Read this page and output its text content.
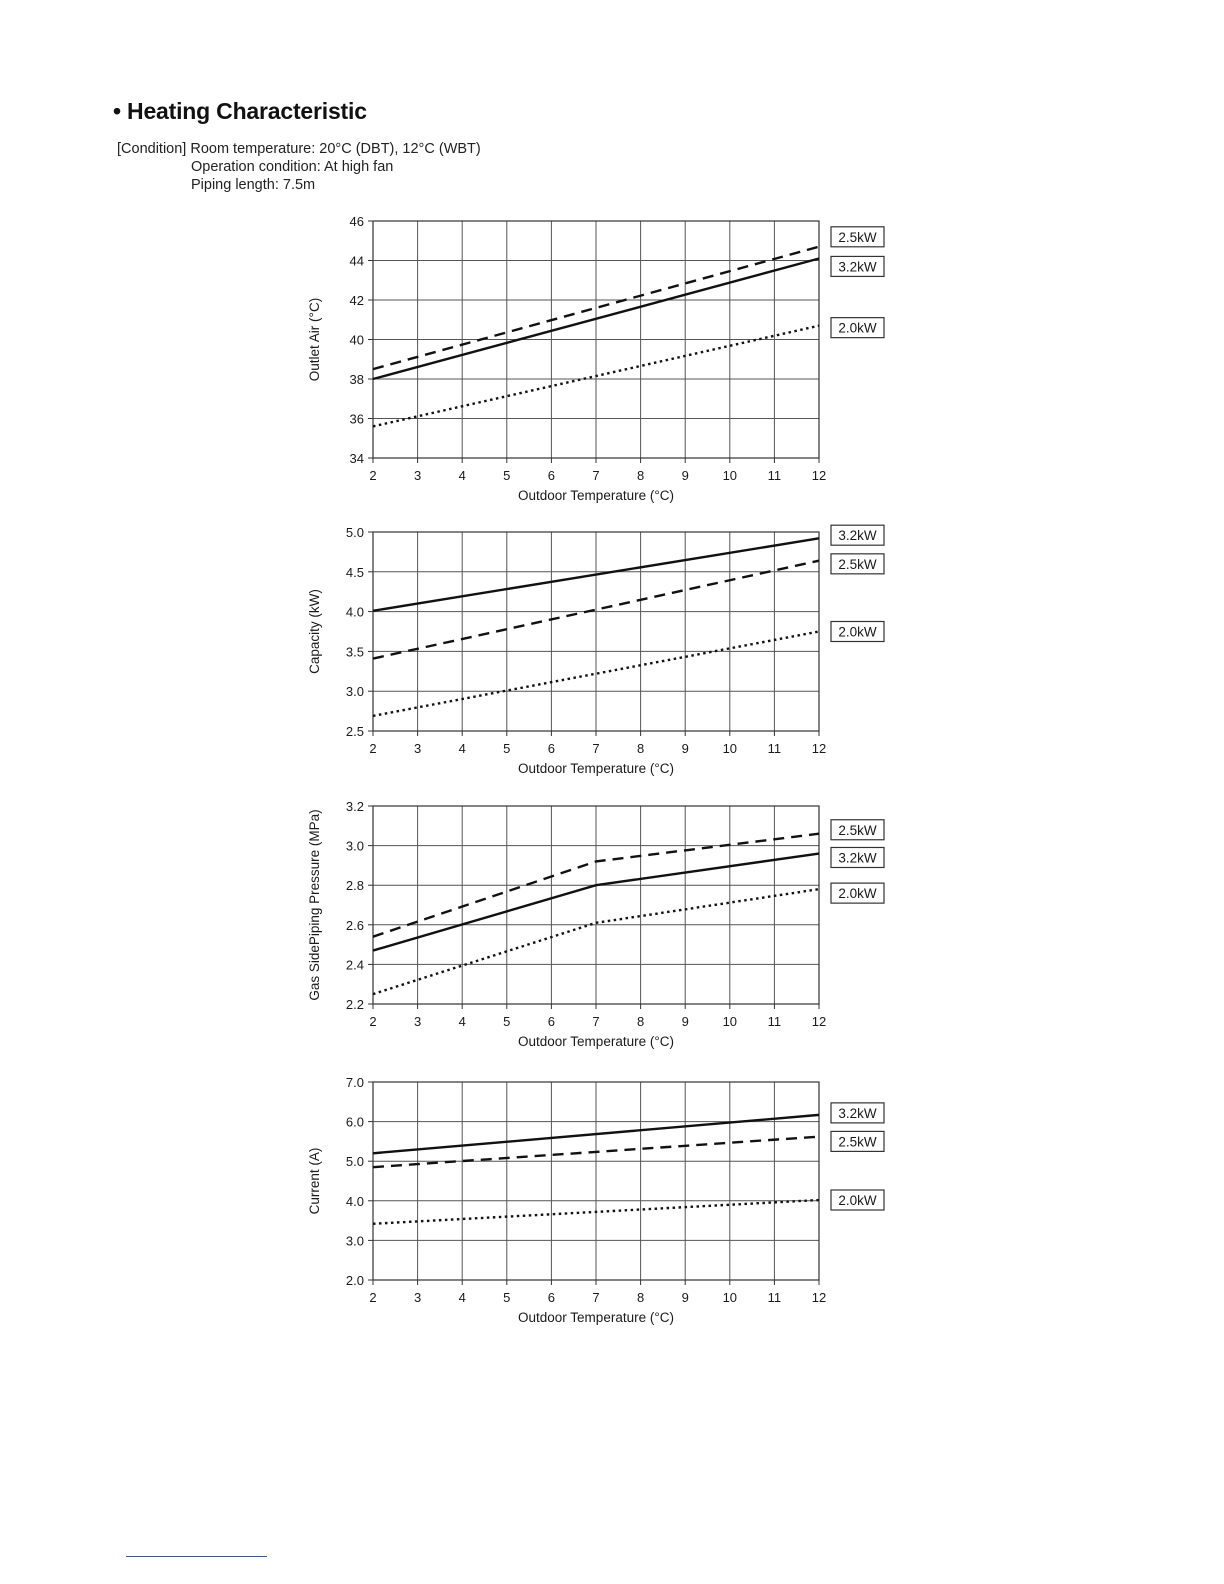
• Heating Characteristic
[Condition] Room temperature: 20°C (DBT), 12°C (WBT)
Operation condition: At high fan
Piping length: 7.5m
34
36
38
40
42
44
46
2	3	4	5	6	7	8	9	10 11 12
Outdoor Temperature (°C)
Outlet Air (°C)
2.5kW
3.2kW
2.0kW
2.5
3.0
3.5
4.0
4.5
5.0
2	3	4	5	6	7	8	9	10 11 12
Outdoor Temperature (°C)
Capacity (kW)
3.2kW
2.5kW
2.0kW
2.2
2.4
2.6
2.8
3.0
3.2
2	3	4	5	6	7	8	9	10 11 12
Outdoor Temperature (°C)
Gas SidePiping Pressure (MPa)	2.5kW
3.2kW
2.0kW
2.0
3.0
4.0
5.0
6.0
7.0
2	3	4	5	6	7	8	9	10 11 12
Outdoor Temperature (°C)
Current (A)
3.2kW
2.5kW
2.0kW
